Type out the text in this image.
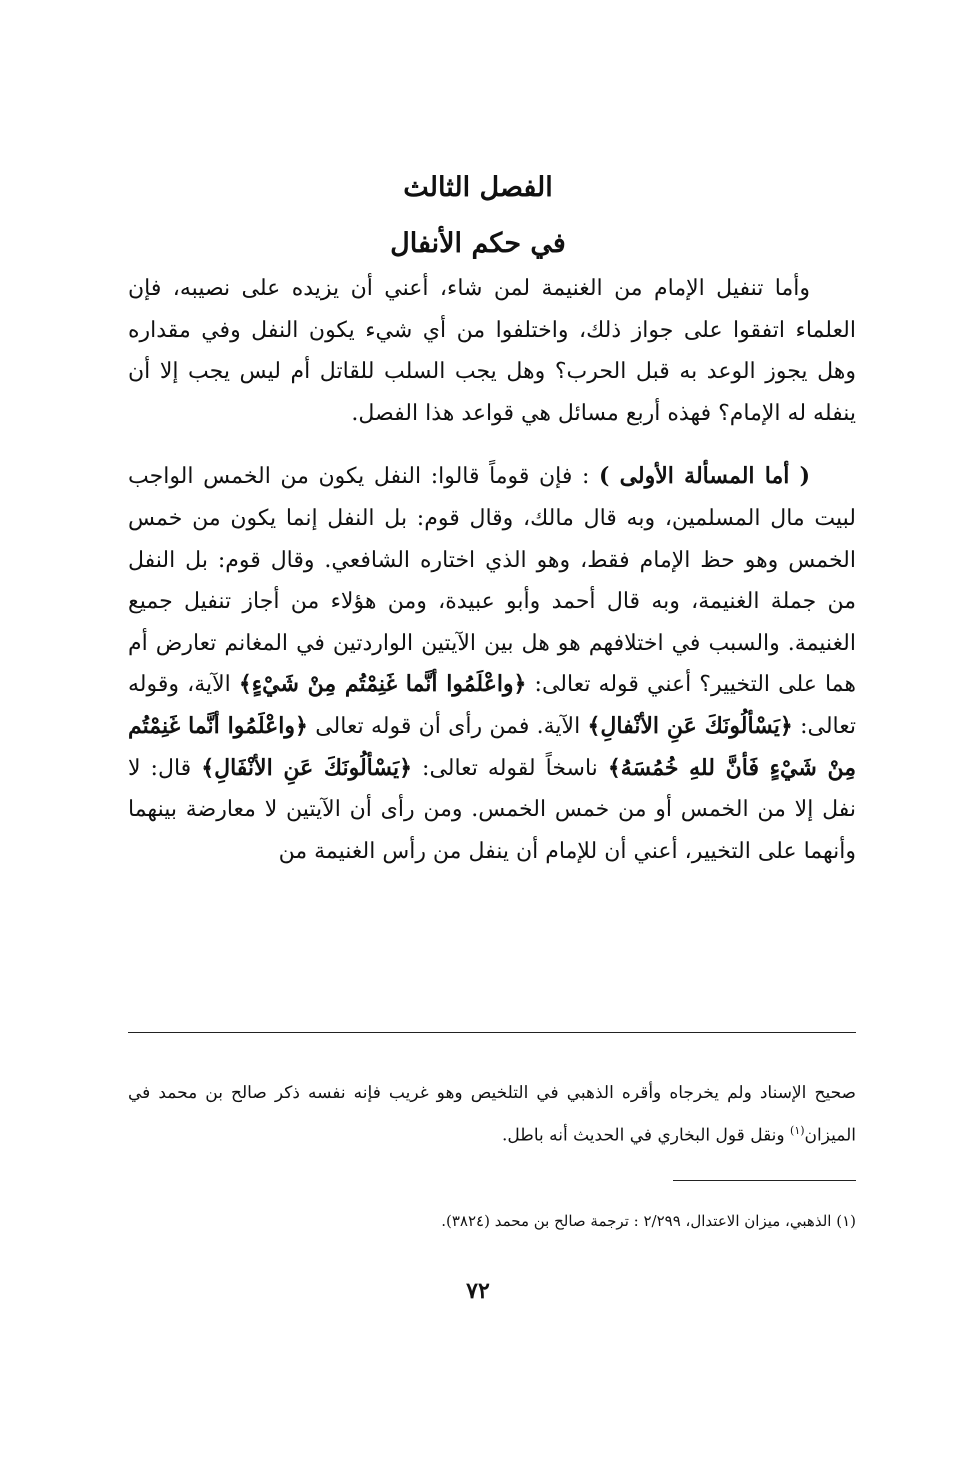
الفصل الثالث
في حكم الأنفال

وأما تنفيل الإمام من الغنيمة لمن شاء، أعني أن يزيده على نصيبه، فإن العلماء اتفقوا على جواز ذلك، واختلفوا من أي شيء يكون النفل وفي مقداره وهل يجوز الوعد به قبل الحرب؟ وهل يجب السلب للقاتل أم ليس يجب إلا أن ينفله له الإمام؟ فهذه أربع مسائل هي قواعد هذا الفصل.

( أما المسألة الأولى ) : فإن قوماً قالوا: النفل يكون من الخمس الواجب لبيت مال المسلمين، وبه قال مالك، وقال قوم: بل النفل إنما يكون من خمس الخمس وهو حظ الإمام فقط، وهو الذي اختاره الشافعي. وقال قوم: بل النفل من جملة الغنيمة، وبه قال أحمد وأبو عبيدة، ومن هؤلاء من أجاز تنفيل جميع الغنيمة. والسبب في اختلافهم هو هل بين الآيتين الواردتين في المغانم تعارض أم هما على التخيير؟ أعني قوله تعالى: ﴿واعْلَمُوا أنَّما غَنِمْتُم مِنْ شَيْءٍ﴾ الآية، وقوله تعالى: ﴿يَسْألُونَكَ عَنِ الأنْفالِ﴾ الآية. فمن رأى أن قوله تعالى ﴿واعْلَمُوا أنَّما غَنِمْتُم مِنْ شَيْءٍ فَأنَّ للهِ خُمُسَهُ﴾ ناسخاً لقوله تعالى: ﴿يَسْألُونَكَ عَنِ الأنْفَالِ﴾ قال: لا نفل إلا من الخمس أو من خمس الخمس. ومن رأى أن الآيتين لا معارضة بينهما وأنهما على التخيير، أعني أن للإمام أن ينفل من رأس الغنيمة من

صحيح الإسناد ولم يخرجاه وأقره الذهبي في التلخيص وهو غريب فإنه نفسه ذكر صالح بن محمد في الميزان$^{(١)}$ ونقل قول البخاري في الحديث أنه باطل.
(١) الذهبي، ميزان الاعتدال، ٢/٢٩٩ : ترجمة صالح بن محمد (٣٨٢٤).
٧٢
